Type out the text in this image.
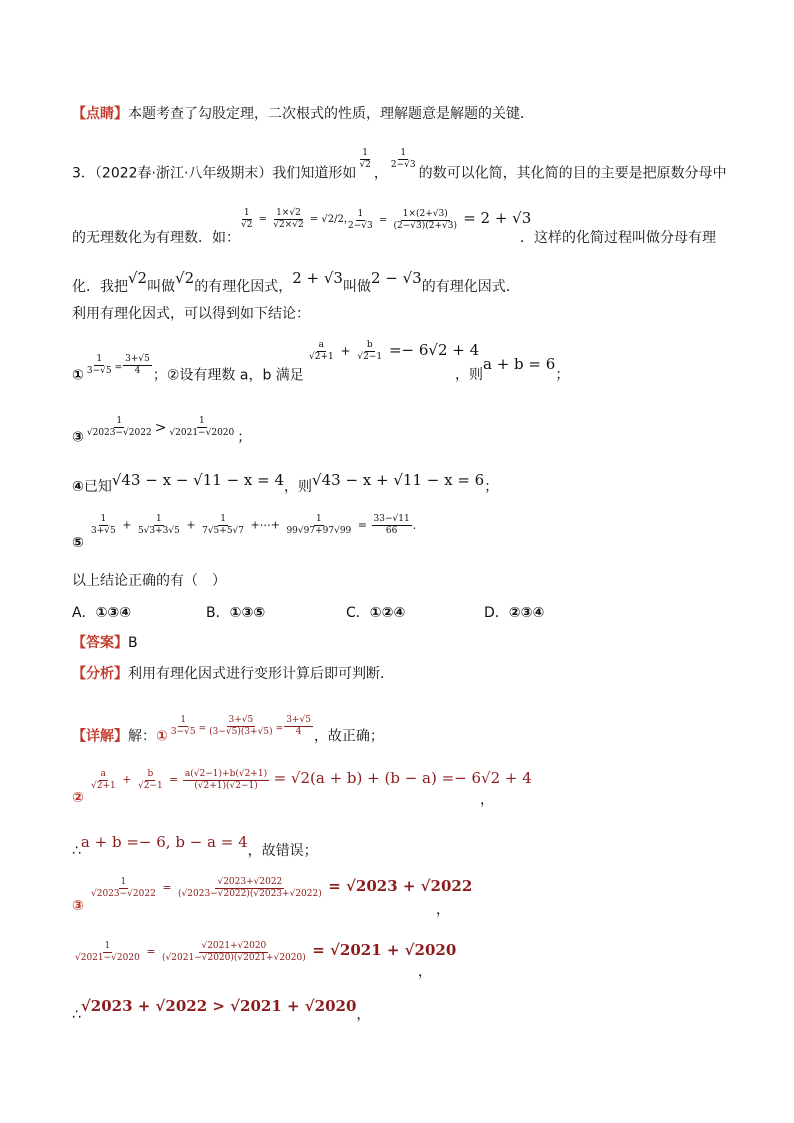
【点睛】本题考查了勾股定理，二次根式的性质，理解题意是解题的关键．
3．（2022春·浙江·八年级期末）我们知道形如
$\frac{1}{√2}$
，
$\frac{1}{2-√3}$
的数可以化简，其化简的目的主要是把原数分母中
的无理数化为有理数．如：
$\frac{1}{√2} = \frac{1\times√2}{√2\times√2} = √2/2$，
$\frac{1}{2-√3} = \frac{1\times(2+√3)}{(2-√3)(2+√3)} = 2 + √3$
．这样的化简过程叫做分母有理
化．我把√2叫做√2的有理化因式，2 + √3叫做2 − √3的有理化因式．
利用有理化因式，可以得到如下结论：
① $\frac{1}{3-√5} ^= \frac{3+√5}{4}$ ；②设有理数 a，b 满足
$\frac{a}{√2+1} + \frac{b}{√2-1} =- 6√2 + 4$
，则a + b = 6；
③ $\frac{1}{√2023-√2022} > \frac{1}{√2021-√2020}$ ；
④已知√43 − x − √11 − x = 4，则√43 − x + √11 − x = 6；
⑤
$\frac{1}{3+√5} + \frac{1}{5√3+3√5} + \frac{1}{7√5+5√7}$ +⋯+ $\frac{1}{99√97+97√99} = \frac{33-√11}{66}$ ．
以上结论正确的有（　）
A．①③④	B．①③⑤	C．①②④	D．②③④
【答案】B
【分析】利用有理化因式进行变形计算后即可判断．
【详解】解：① $\frac{1}{3-√5} ^= \frac{3+√5}{(3-√5)(3+√5)} ^= \frac{3+√5}{4}$ ，故正确；
②
$\frac{a}{√2+1} + \frac{b}{√2-1} = \frac{a(√2-1)+b(√2+1)}{(√2+1)(√2-1)} = √2(a + b) + (b - a) =- 6√2 + 4$
，
∴a + b =− 6, b − a = 4，故错误；
③
$\frac{1}{√2023-√2022} = \frac{√2023+√2022}{(√2023-√2022)(√2023+√2022)} = √2023 + √2022$
，
$\frac{1}{√2021-√2020} = \frac{√2021+√2020}{(√2021-√2020)(√2021+√2020)} = √2021 + √2020$
，
∴√2023 + √2022 > √2021 + √2020，
